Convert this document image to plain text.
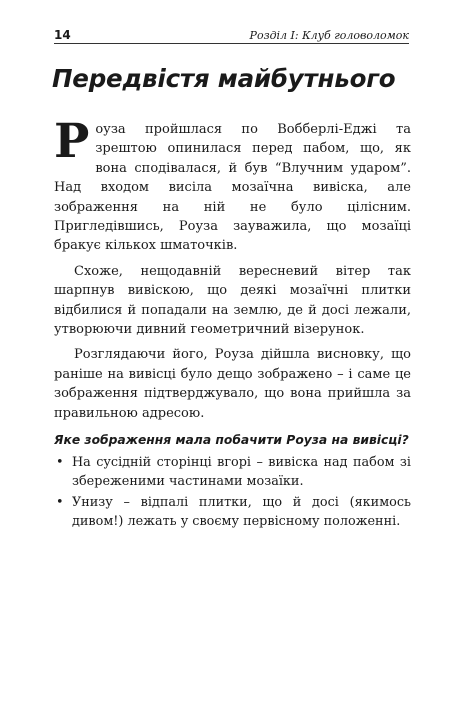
14	Розділ І: Клуб головоломок
Передвістя майбутнього

Роуза пройшлася по Вобберлі-Еджі та зрештою опинилася перед пабом, що, як вона сподівалася, й був “Влучним ударом”. Над входом висіла мозаїчна вивіска, але зображення на ній не було цілісним. Пригледівшись, Роуза зауважила, що мозаїці бракує кількох шматочків.

Схоже, нещодавній вересневий вітер так шарпнув вивіскою, що деякі мозаїчні плитки відбилися й попадали на землю, де й досі лежали, утворюючи дивний геометричний візерунок.

Розглядаючи його, Роуза дійшла висновку, що раніше на вивісці було дещо зображено – і саме це зображення підтверджувало, що вона прийшла за правильною адресою.

Яке зображення мала побачити Роуза на вивісці?
• На сусідній сторінці вгорі – вивіска над пабом зі збереженими частинами мозаїки.
• Унизу – відпалі плитки, що й досі (якимось дивом!) лежать у своєму первісному положенні.
